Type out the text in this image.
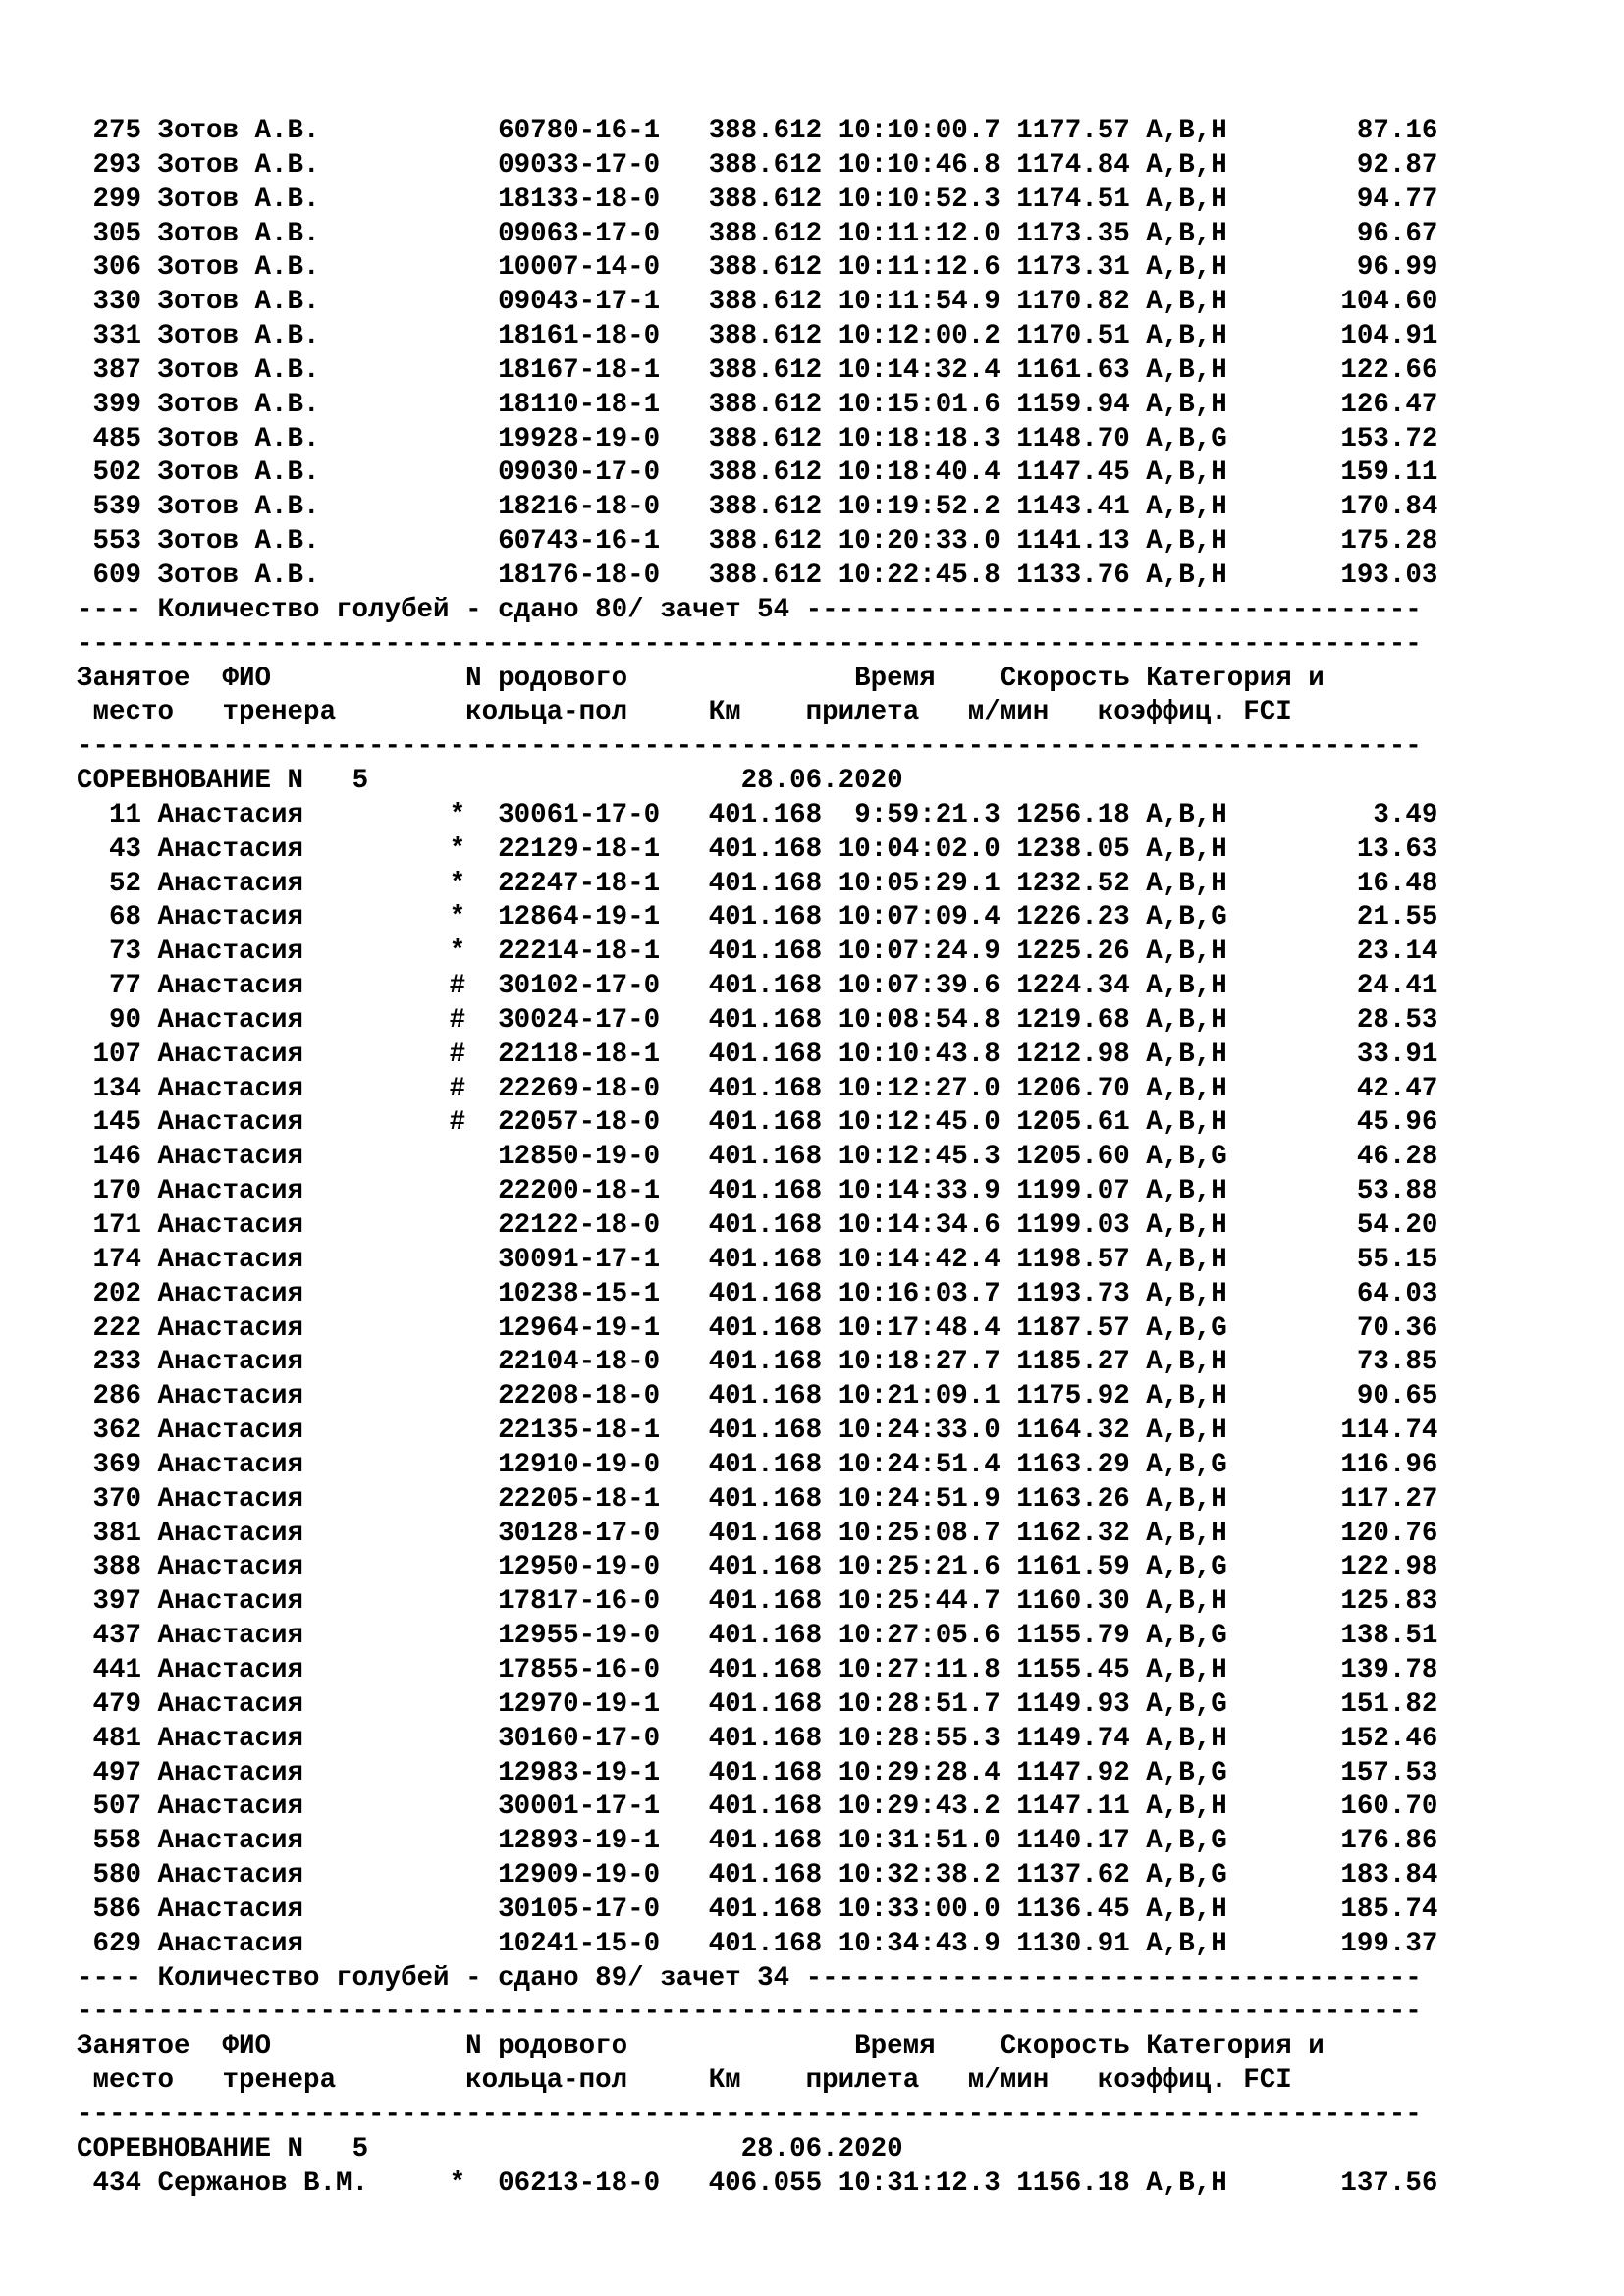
275 Зотов А.В.           60780-16-1 388.612 10:10:00.7 1177.57 A,B,H        87.16
293 Зотов А.В.           09033-17-0 388.612 10:10:46.8 1174.84 A,B,H        92.87
299 Зотов А.В.           18133-18-0 388.612 10:10:52.3 1174.51 A,B,H        94.77
305 Зотов А.В.           09063-17-0 388.612 10:11:12.0 1173.35 A,B,H        96.67
306 Зотов А.В.           10007-14-0 388.612 10:11:12.6 1173.31 A,B,H        96.99
330 Зотов А.В.           09043-17-1 388.612 10:11:54.9 1170.82 A,B,H       104.60
331 Зотов А.В.           18161-18-0 388.612 10:12:00.2 1170.51 A,B,H       104.91
387 Зотов А.В.           18167-18-1 388.612 10:14:32.4 1161.63 A,B,H       122.66
399 Зотов А.В.           18110-18-1 388.612 10:15:01.6 1159.94 A,B,H       126.47
485 Зотов А.В.           19928-19-0 388.612 10:18:18.3 1148.70 A,B,G       153.72
502 Зотов А.В.           09030-17-0 388.612 10:18:40.4 1147.45 A,B,H       159.11
539 Зотов А.В.           18216-18-0 388.612 10:19:52.2 1143.41 A,B,H       170.84
553 Зотов А.В.           60743-16-1 388.612 10:20:33.0 1141.13 A,B,H       175.28
609 Зотов А.В.           18176-18-0 388.612 10:22:45.8 1133.76 A,B,H       193.03
---- Количество голубей - сдано 80/ зачет 54 --------------------------------------
-----------------------------------------------------------------------------------
Занятое  ФИО            N родового	Время    Скорость Категория и
место   тренера        кольца-пол     Км    прилета   м/мин   коэффиц. FCI
-----------------------------------------------------------------------------------
СОРЕВНОВАНИЕ N 5	28.06.2020
11 Анастасия         *  30061-17-0 401.168  9:59:21.3 1256.18 A,B,H         3.49
43 Анастасия         *  22129-18-1 401.168 10:04:02.0 1238.05 A,B,H        13.63
52 Анастасия         *  22247-18-1 401.168 10:05:29.1 1232.52 A,B,H        16.48
68 Анастасия         *  12864-19-1 401.168 10:07:09.4 1226.23 A,B,G        21.55
73 Анастасия         *  22214-18-1 401.168 10:07:24.9 1225.26 A,B,H        23.14
77 Анастасия         #  30102-17-0 401.168 10:07:39.6 1224.34 A,B,H        24.41
90 Анастасия         #  30024-17-0 401.168 10:08:54.8 1219.68 A,B,H        28.53
107 Анастасия         #  22118-18-1 401.168 10:10:43.8 1212.98 A,B,H        33.91
134 Анастасия         #  22269-18-0 401.168 10:12:27.0 1206.70 A,B,H        42.47
145 Анастасия         #  22057-18-0 401.168 10:12:45.0 1205.61 A,B,H        45.96
146 Анастасия            12850-19-0 401.168 10:12:45.3 1205.60 A,B,G        46.28
170 Анастасия            22200-18-1 401.168 10:14:33.9 1199.07 A,B,H        53.88
171 Анастасия            22122-18-0 401.168 10:14:34.6 1199.03 A,B,H        54.20
174 Анастасия            30091-17-1 401.168 10:14:42.4 1198.57 A,B,H        55.15
202 Анастасия            10238-15-1 401.168 10:16:03.7 1193.73 A,B,H        64.03
222 Анастасия            12964-19-1 401.168 10:17:48.4 1187.57 A,B,G        70.36
233 Анастасия            22104-18-0 401.168 10:18:27.7 1185.27 A,B,H        73.85
286 Анастасия            22208-18-0 401.168 10:21:09.1 1175.92 A,B,H        90.65
362 Анастасия            22135-18-1 401.168 10:24:33.0 1164.32 A,B,H       114.74
369 Анастасия            12910-19-0 401.168 10:24:51.4 1163.29 A,B,G       116.96
370 Анастасия            22205-18-1 401.168 10:24:51.9 1163.26 A,B,H       117.27
381 Анастасия            30128-17-0 401.168 10:25:08.7 1162.32 A,B,H       120.76
388 Анастасия            12950-19-0 401.168 10:25:21.6 1161.59 A,B,G       122.98
397 Анастасия            17817-16-0 401.168 10:25:44.7 1160.30 A,B,H       125.83
437 Анастасия            12955-19-0 401.168 10:27:05.6 1155.79 A,B,G       138.51
441 Анастасия            17855-16-0 401.168 10:27:11.8 1155.45 A,B,H       139.78
479 Анастасия            12970-19-1 401.168 10:28:51.7 1149.93 A,B,G       151.82
481 Анастасия            30160-17-0 401.168 10:28:55.3 1149.74 A,B,H       152.46
497 Анастасия            12983-19-1 401.168 10:29:28.4 1147.92 A,B,G       157.53
507 Анастасия            30001-17-1 401.168 10:29:43.2 1147.11 A,B,H       160.70
558 Анастасия            12893-19-1 401.168 10:31:51.0 1140.17 A,B,G       176.86
580 Анастасия            12909-19-0 401.168 10:32:38.2 1137.62 A,B,G       183.84
586 Анастасия            30105-17-0 401.168 10:33:00.0 1136.45 A,B,H       185.74
629 Анастасия            10241-15-0 401.168 10:34:43.9 1130.91 A,B,H       199.37
---- Количество голубей - сдано 89/ зачет 34 --------------------------------------
-----------------------------------------------------------------------------------
Занятое  ФИО            N родового	Время    Скорость Категория и
место   тренера        кольца-пол     Км    прилета   м/мин   коэффиц. FCI
-----------------------------------------------------------------------------------
СОРЕВНОВАНИЕ N 5	28.06.2020
434 Сержанов В.М.     *  06213-18-0 406.055 10:31:12.3 1156.18 A,B,H       137.56
